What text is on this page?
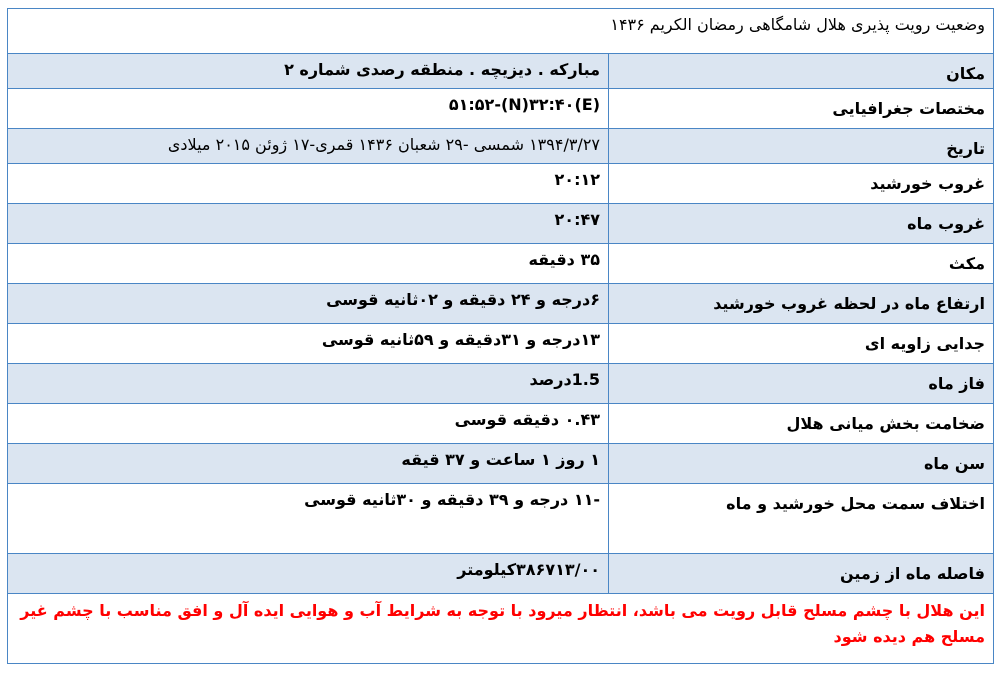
وضعیت رویت پذیری هلال شامگاهی رمضان الکریم ۱۴۳۶	
مکان	مبارکه . دیزیچه . منطقه رصدی شماره ۲
مختصات جغرافیایی	(E)۵۱:۵۲-(N)۳۲:۴۰
تاریخ	۱۳۹۴/۳/۲۷ شمسی -۲۹ شعبان ۱۴۳۶ قمری-۱۷ ژوئن ۲۰۱۵ میلادی
غروب خورشید	۲۰:۱۲
غروب ماه	۲۰:۴۷
مکث	۳۵ دقیقه
ارتفاع ماه در لحظه غروب خورشید	۶درجه و ۲۴ دقیقه و ۰۲ثانیه قوسی
جدایی زاویه ای	۱۳درجه و ۳۱دقیقه و ۵۹ثانیه قوسی
فاز ماه	1.5درصد
ضخامت بخش میانی هلال	۰.۴۳ دقیقه قوسی
سن ماه	۱ روز ۱ ساعت و ۳۷ قیقه
اختلاف سمت محل خورشید و ماه	-۱۱ درجه و ۳۹ دقیقه و ۳۰ثانیه قوسی
فاصله ماه از زمین	۳۸۶۷۱۳/۰۰کیلومتر
این هلال با چشم مسلح قابل رویت می باشد، انتظار میرود با توجه به شرایط آب و هوایی ایده آل و افق مناسب با چشم غیر مسلح هم دیده شود	
